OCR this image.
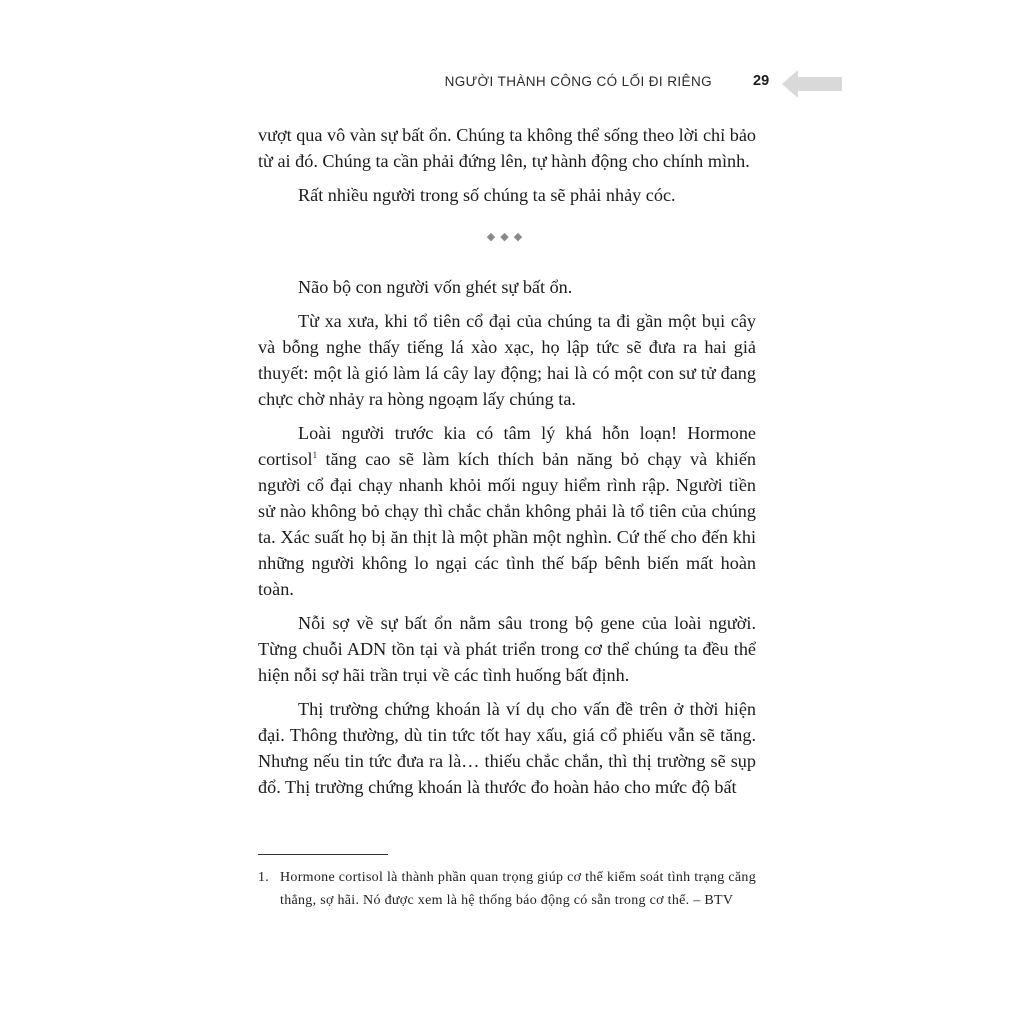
NGƯỜI THÀNH CÔNG CÓ LỐI ĐI RIÊNG	29

vượt qua vô vàn sự bất ổn. Chúng ta không thể sống theo lời chỉ bảo từ ai đó. Chúng ta cần phải đứng lên, tự hành động cho chính mình.

Rất nhiều người trong số chúng ta sẽ phải nhảy cóc.

◆◆◆

Não bộ con người vốn ghét sự bất ổn.

Từ xa xưa, khi tổ tiên cổ đại của chúng ta đi gần một bụi cây và bỗng nghe thấy tiếng lá xào xạc, họ lập tức sẽ đưa ra hai giả thuyết: một là gió làm lá cây lay động; hai là có một con sư tử đang chực chờ nhảy ra hòng ngoạm lấy chúng ta.

Loài người trước kia có tâm lý khá hỗn loạn! Hormone cortisol$^1$ tăng cao sẽ làm kích thích bản năng bỏ chạy và khiến người cổ đại chạy nhanh khỏi mối nguy hiểm rình rập. Người tiền sử nào không bỏ chạy thì chắc chắn không phải là tổ tiên của chúng ta. Xác suất họ bị ăn thịt là một phần một nghìn. Cứ thế cho đến khi những người không lo ngại các tình thế bấp bênh biến mất hoàn toàn.

Nỗi sợ về sự bất ổn nằm sâu trong bộ gene của loài người. Từng chuỗi ADN tồn tại và phát triển trong cơ thể chúng ta đều thể hiện nỗi sợ hãi trần trụi về các tình huống bất định.

Thị trường chứng khoán là ví dụ cho vấn đề trên ở thời hiện đại. Thông thường, dù tin tức tốt hay xấu, giá cổ phiếu vẫn sẽ tăng. Nhưng nếu tin tức đưa ra là… thiếu chắc chắn, thì thị trường sẽ sụp đổ. Thị trường chứng khoán là thước đo hoàn hảo cho mức độ bất

1. Hormone cortisol là thành phần quan trọng giúp cơ thể kiểm soát tình trạng căng thẳng, sợ hãi. Nó được xem là hệ thống báo động có sẵn trong cơ thể. – BTV
